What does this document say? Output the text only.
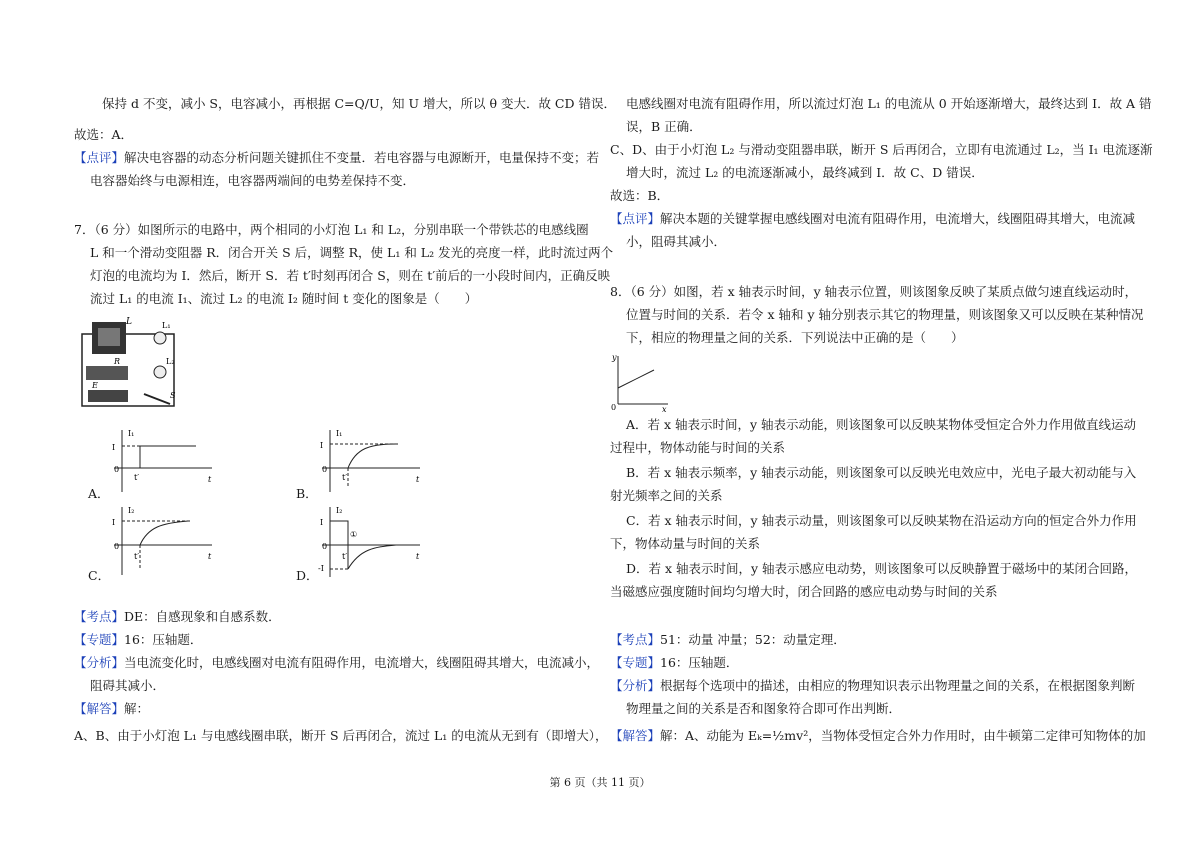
保持 d 不变，减小 S，电容减小，再根据 C=Q/U，知 U 增大，所以 θ 变大．故 CD 错误．
故选：A．
【点评】解决电容器的动态分析问题关键抓住不变量．若电容器与电源断开，电量保持不变；若
电容器始终与电源相连，电容器两端间的电势差保持不变．
7．（6 分）如图所示的电路中，两个相同的小灯泡 L₁ 和 L₂，分别串联一个带铁芯的电感线圈
L 和一个滑动变阻器 R．闭合开关 S 后，调整 R，使 L₁ 和 L₂ 发光的亮度一样，此时流过两个
灯泡的电流均为 I．然后，断开 S．若 t′时刻再闭合 S，则在 t′前后的一小段时间内，正确反映
流过 L₁ 的电流 I₁、流过 L₂ 的电流 I₂ 随时间 t 变化的图象是（　　）
L	L₁
L₂
R
E
S
A．
I₁
I
0
t′	t
B．
I₁
I
0
t′	t
C．
I₂
I
0
t′	t
D．
I₂
I
0
-I
①
t′	t
【考点】DE：自感现象和自感系数．
【专题】16：压轴题．
【分析】当电流变化时，电感线圈对电流有阻碍作用，电流增大，线圈阻碍其增大，电流减小，
阻碍其减小．
【解答】解：
A、B、由于小灯泡 L₁ 与电感线圈串联，断开 S 后再闭合，流过 L₁ 的电流从无到有（即增大），
电感线圈对电流有阻碍作用，所以流过灯泡 L₁ 的电流从 0 开始逐渐增大，最终达到 I．故 A 错
误，B 正确．
C、D、由于小灯泡 L₂ 与滑动变阻器串联，断开 S 后再闭合，立即有电流通过 L₂，当 I₁ 电流逐渐
增大时，流过 L₂ 的电流逐渐减小，最终减到 I．故 C、D 错误．
故选：B．
【点评】解决本题的关键掌握电感线圈对电流有阻碍作用，电流增大，线圈阻碍其增大，电流减
小，阻碍其减小．
8．（6 分）如图，若 x 轴表示时间，y 轴表示位置，则该图象反映了某质点做匀速直线运动时，
位置与时间的关系．若令 x 轴和 y 轴分别表示其它的物理量，则该图象又可以反映在某种情况
下，相应的物理量之间的关系．下列说法中正确的是（　　）
y
0	x
A．若 x 轴表示时间，y 轴表示动能，则该图象可以反映某物体受恒定合外力作用做直线运动
过程中，物体动能与时间的关系
B．若 x 轴表示频率，y 轴表示动能，则该图象可以反映光电效应中，光电子最大初动能与入
射光频率之间的关系
C．若 x 轴表示时间，y 轴表示动量，则该图象可以反映某物在沿运动方向的恒定合外力作用
下，物体动量与时间的关系
D．若 x 轴表示时间，y 轴表示感应电动势，则该图象可以反映静置于磁场中的某闭合回路，
当磁感应强度随时间均匀增大时，闭合回路的感应电动势与时间的关系
【考点】51：动量 冲量；52：动量定理．
【专题】16：压轴题．
【分析】根据每个选项中的描述，由相应的物理知识表示出物理量之间的关系，在根据图象判断
物理量之间的关系是否和图象符合即可作出判断．
【解答】解：A、动能为 Eₖ=½mv²，当物体受恒定合外力作用时，由牛顿第二定律可知物体的加
第 6 页（共 11 页）
